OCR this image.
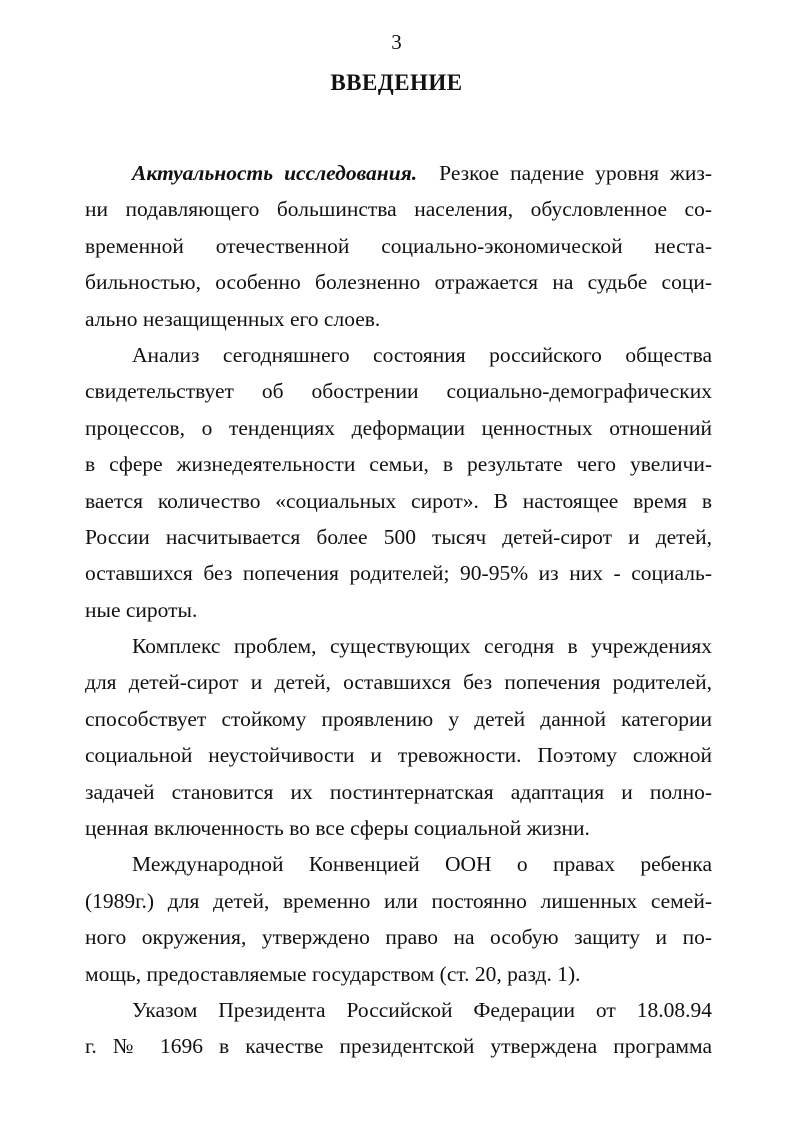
3
ВВЕДЕНИЕ
Актуальность исследования. Резкое падение уровня жиз-
ни подавляющего большинства населения, обусловленное со-
временной отечественной социально-экономической неста-
бильностью, особенно болезненно отражается на судьбе соци-
ально незащищенных его слоев.
Анализ сегодняшнего состояния российского общества
свидетельствует об обострении социально-демографических
процессов, о тенденциях деформации ценностных отношений
в сфере жизнедеятельности семьи, в результате чего увеличи-
вается количество «социальных сирот». В настоящее время в
России насчитывается более 500 тысяч детей-сирот и детей,
оставшихся без попечения родителей; 90-95% из них - социаль-
ные сироты.
Комплекс проблем, существующих сегодня в учреждениях
для детей-сирот и детей, оставшихся без попечения родителей,
способствует стойкому проявлению у детей данной категории
социальной неустойчивости и тревожности. Поэтому сложной
задачей становится их постинтернатская адаптация и полно-
ценная включенность во все сферы социальной жизни.
Международной Конвенцией ООН о правах ребенка
(1989г.) для детей, временно или постоянно лишенных семей-
ного окружения, утверждено право на особую защиту и по-
мощь, предоставляемые государством (ст. 20, разд. 1).
Указом Президента Российской Федерации от 18.08.94
г. № 1696 в качестве президентской утверждена программа
